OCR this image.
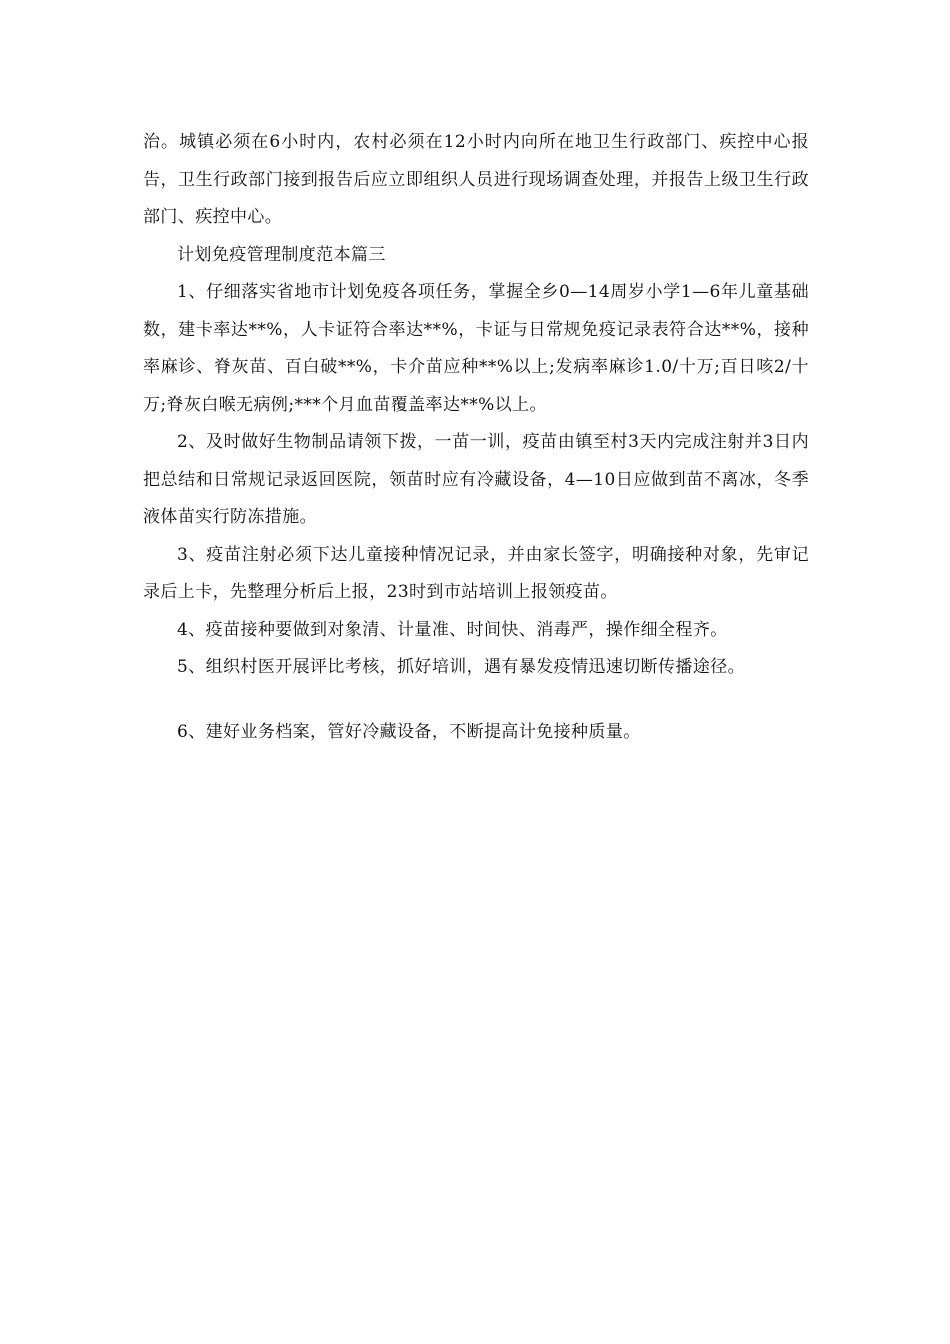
治。城镇必须在6小时内，农村必须在12小时内向所在地卫生行政部门、疾控中心报告，卫生行政部门接到报告后应立即组织人员进行现场调查处理，并报告上级卫生行政部门、疾控中心。

计划免疫管理制度范本篇三

1、仔细落实省地市计划免疫各项任务，掌握全乡0—14周岁小学1—6年儿童基础数，建卡率达**%，人卡证符合率达**%，卡证与日常规免疫记录表符合达**%，接种率麻诊、脊灰苗、百白破**%，卡介苗应种**%以上;发病率麻诊1.0/十万;百日咳2/十万;脊灰白喉无病例;***个月血苗覆盖率达**%以上。

2、及时做好生物制品请领下拨，一苗一训，疫苗由镇至村3天内完成注射并3日内把总结和日常规记录返回医院，领苗时应有冷藏设备，4—10日应做到苗不离冰，冬季液体苗实行防冻措施。

3、疫苗注射必须下达儿童接种情况记录，并由家长签字，明确接种对象，先审记录后上卡，先整理分析后上报，23时到市站培训上报领疫苗。

4、疫苗接种要做到对象清、计量准、时间快、消毒严，操作细全程齐。

5、组织村医开展评比考核，抓好培训，遇有暴发疫情迅速切断传播途径。

6、建好业务档案，管好冷藏设备，不断提高计免接种质量。
